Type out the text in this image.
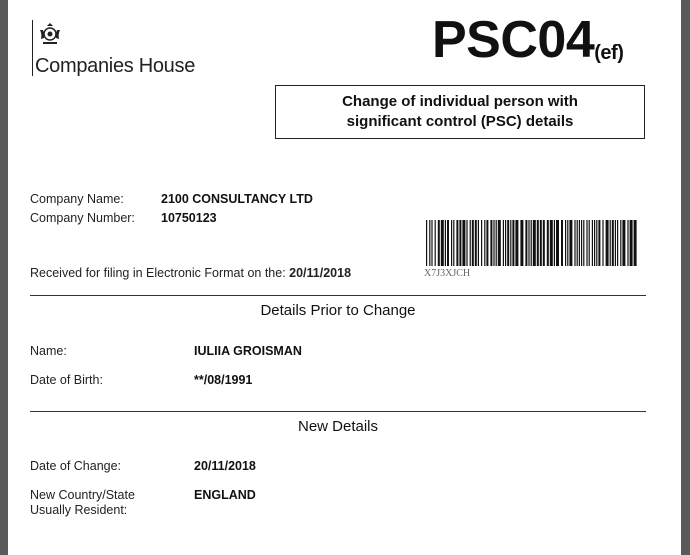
Companies House	PSC04(ef)
Change of individual person with
significant control (PSC) details
Company Name:	2100 CONSULTANCY LTD
Company Number: 10750123
X7J3XJCH
Received for filing in Electronic Format on the: 20/11/2018
Details Prior to Change
Name:	IULIIA GROISMAN
Date of Birth:	**/08/1991
New Details
Date of Change:	20/11/2018
New Country/State
Usually Resident:
ENGLAND
